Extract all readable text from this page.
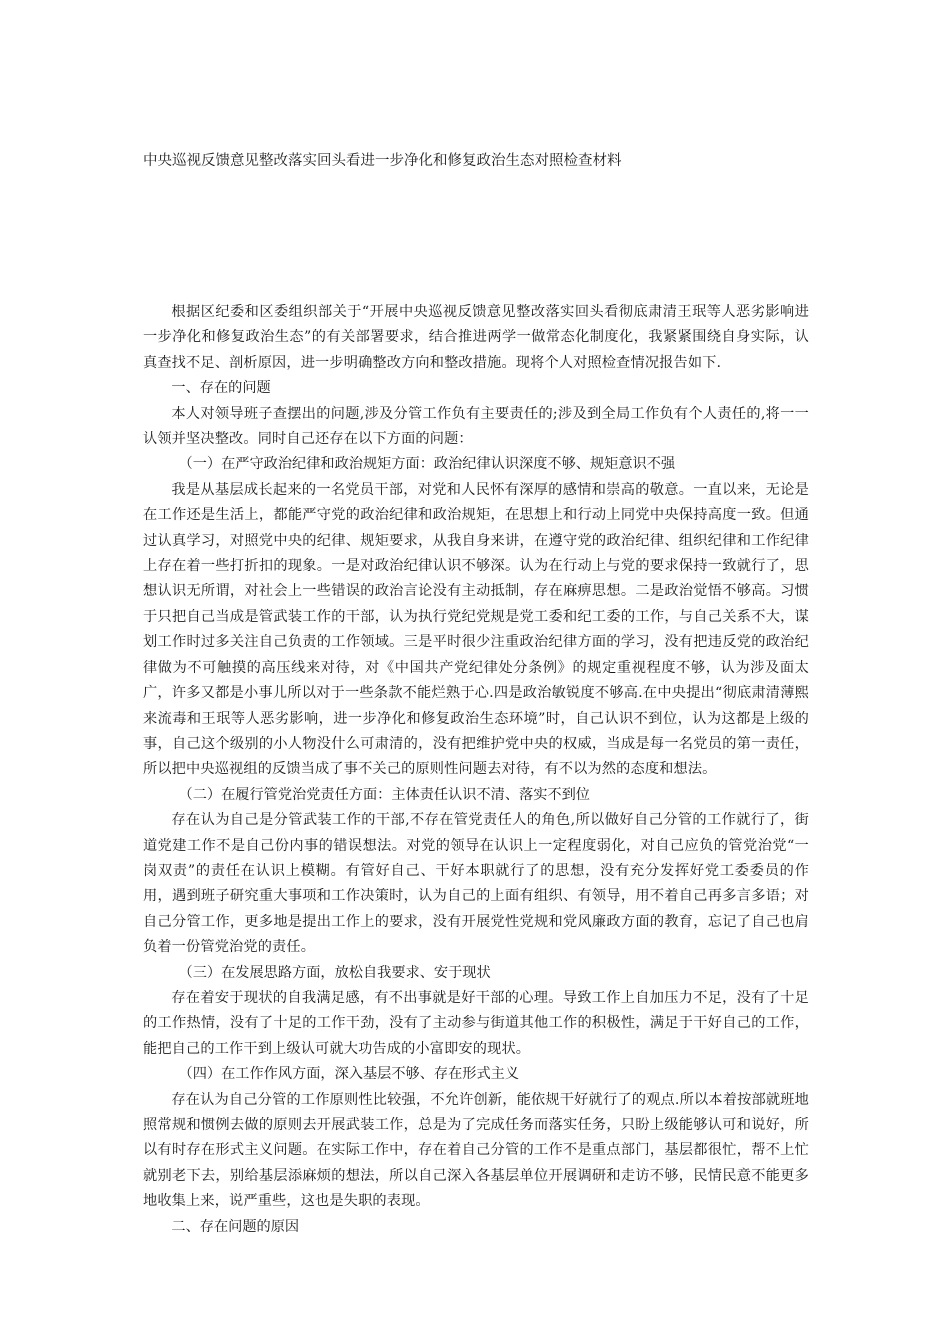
中央巡视反馈意见整改落实回头看进一步净化和修复政治生态对照检查材料

根据区纪委和区委组织部关于“开展中央巡视反馈意见整改落实回头看彻底肃清王珉等人恶劣影响进一步净化和修复政治生态”的有关部署要求，结合推进两学一做常态化制度化，我紧紧围绕自身实际，认真查找不足、剖析原因，进一步明确整改方向和整改措施。现将个人对照检查情况报告如下.

一、存在的问题

本人对领导班子查摆出的问题,涉及分管工作负有主要责任的;涉及到全局工作负有个人责任的,将一一认领并坚决整改。同时自己还存在以下方面的问题：

（一）在严守政治纪律和政治规矩方面：政治纪律认识深度不够、规矩意识不强

我是从基层成长起来的一名党员干部，对党和人民怀有深厚的感情和崇高的敬意。一直以来，无论是在工作还是生活上，都能严守党的政治纪律和政治规矩，在思想上和行动上同党中央保持高度一致。但通过认真学习，对照党中央的纪律、规矩要求，从我自身来讲，在遵守党的政治纪律、组织纪律和工作纪律上存在着一些打折扣的现象。一是对政治纪律认识不够深。认为在行动上与党的要求保持一致就行了，思想认识无所谓，对社会上一些错误的政治言论没有主动抵制，存在麻痹思想。二是政治觉悟不够高。习惯于只把自己当成是管武装工作的干部，认为执行党纪党规是党工委和纪工委的工作，与自己关系不大，谋划工作时过多关注自己负责的工作领域。三是平时很少注重政治纪律方面的学习，没有把违反党的政治纪律做为不可触摸的高压线来对待，对《中国共产党纪律处分条例》的规定重视程度不够，认为涉及面太广，许多又都是小事儿所以对于一些条款不能烂熟于心.四是政治敏锐度不够高.在中央提出“彻底肃清薄熙来流毒和王珉等人恶劣影响，进一步净化和修复政治生态环境”时，自己认识不到位，认为这都是上级的事，自己这个级别的小人物没什么可肃清的，没有把维护党中央的权威，当成是每一名党员的第一责任，所以把中央巡视组的反馈当成了事不关己的原则性问题去对待，有不以为然的态度和想法。

（二）在履行管党治党责任方面：主体责任认识不清、落实不到位

存在认为自己是分管武装工作的干部,不存在管党责任人的角色,所以做好自己分管的工作就行了，街道党建工作不是自己份内事的错误想法。对党的领导在认识上一定程度弱化，对自己应负的管党治党“一岗双责”的责任在认识上模糊。有管好自己、干好本职就行了的思想，没有充分发挥好党工委委员的作用，遇到班子研究重大事项和工作决策时，认为自己的上面有组织、有领导，用不着自己再多言多语；对自己分管工作，更多地是提出工作上的要求，没有开展党性党规和党风廉政方面的教育，忘记了自己也肩负着一份管党治党的责任。

（三）在发展思路方面，放松自我要求、安于现状

存在着安于现状的自我满足感，有不出事就是好干部的心理。导致工作上自加压力不足，没有了十足的工作热情，没有了十足的工作干劲，没有了主动参与街道其他工作的积极性，满足于干好自己的工作，能把自己的工作干到上级认可就大功告成的小富即安的现状。

（四）在工作作风方面，深入基层不够、存在形式主义

存在认为自己分管的工作原则性比较强，不允许创新，能依规干好就行了的观点.所以本着按部就班地照常规和惯例去做的原则去开展武装工作，总是为了完成任务而落实任务，只盼上级能够认可和说好，所以有时存在形式主义问题。在实际工作中，存在着自己分管的工作不是重点部门，基层都很忙，帮不上忙就别老下去，别给基层添麻烦的想法，所以自己深入各基层单位开展调研和走访不够，民情民意不能更多地收集上来，说严重些，这也是失职的表现。

二、存在问题的原因
